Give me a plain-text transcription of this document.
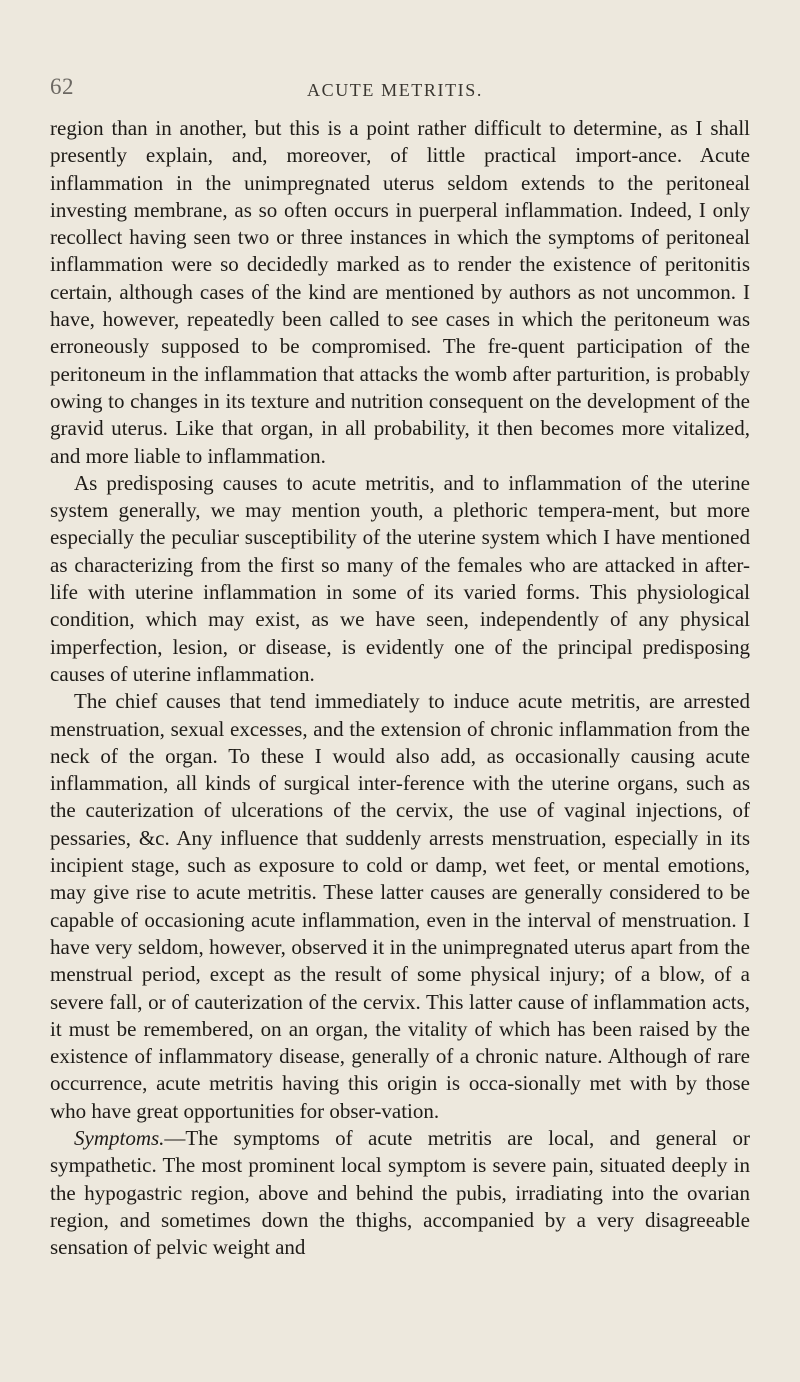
62	ACUTE METRITIS.

region than in another, but this is a point rather difficult to determine, as I shall presently explain, and, moreover, of little practical import-ance. Acute inflammation in the unimpregnated uterus seldom extends to the peritoneal investing membrane, as so often occurs in puerperal inflammation. Indeed, I only recollect having seen two or three instances in which the symptoms of peritoneal inflammation were so decidedly marked as to render the existence of peritonitis certain, although cases of the kind are mentioned by authors as not uncommon. I have, however, repeatedly been called to see cases in which the peritoneum was erroneously supposed to be compromised. The fre-quent participation of the peritoneum in the inflammation that attacks the womb after parturition, is probably owing to changes in its texture and nutrition consequent on the development of the gravid uterus. Like that organ, in all probability, it then becomes more vitalized, and more liable to inflammation.

As predisposing causes to acute metritis, and to inflammation of the uterine system generally, we may mention youth, a plethoric tempera-ment, but more especially the peculiar susceptibility of the uterine system which I have mentioned as characterizing from the first so many of the females who are attacked in after-life with uterine inflammation in some of its varied forms. This physiological condition, which may exist, as we have seen, independently of any physical imperfection, lesion, or disease, is evidently one of the principal predisposing causes of uterine inflammation.

The chief causes that tend immediately to induce acute metritis, are arrested menstruation, sexual excesses, and the extension of chronic inflammation from the neck of the organ. To these I would also add, as occasionally causing acute inflammation, all kinds of surgical inter-ference with the uterine organs, such as the cauterization of ulcerations of the cervix, the use of vaginal injections, of pessaries, &c. Any influence that suddenly arrests menstruation, especially in its incipient stage, such as exposure to cold or damp, wet feet, or mental emotions, may give rise to acute metritis. These latter causes are generally considered to be capable of occasioning acute inflammation, even in the interval of menstruation. I have very seldom, however, observed it in the unimpregnated uterus apart from the menstrual period, except as the result of some physical injury; of a blow, of a severe fall, or of cauterization of the cervix. This latter cause of inflammation acts, it must be remembered, on an organ, the vitality of which has been raised by the existence of inflammatory disease, generally of a chronic nature. Although of rare occurrence, acute metritis having this origin is occa-sionally met with by those who have great opportunities for obser-vation.

Symptoms.—The symptoms of acute metritis are local, and general or sympathetic. The most prominent local symptom is severe pain, situated deeply in the hypogastric region, above and behind the pubis, irradiating into the ovarian region, and sometimes down the thighs, accompanied by a very disagreeable sensation of pelvic weight and
